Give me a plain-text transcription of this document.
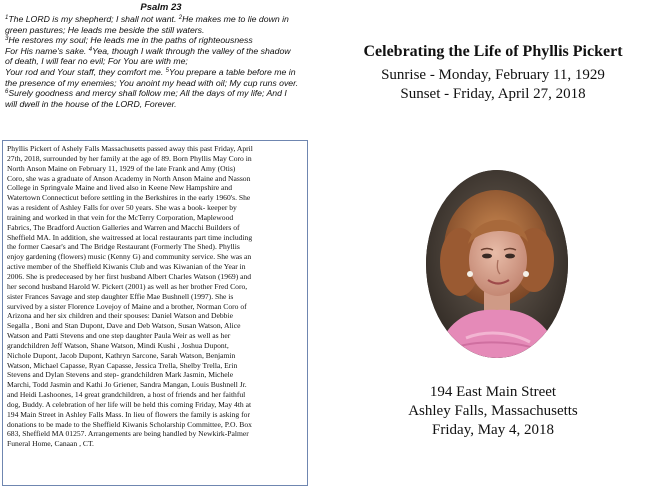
Psalm 23
$^1$The LORD is my shepherd; I shall not want. $^2$He makes me to lie down in
green pastures; He leads me beside the still waters.
$^3$He restores my soul; He leads me in the paths of righteousness
For His name's sake. $^4$Yea, though I walk through the valley of the shadow
of death, I will fear no evil; For You are with me;
Your rod and Your staff, they comfort me. $^5$You prepare a table before me in
the presence of my enemies; You anoint my head with oil; My cup runs over.
$^6$Surely goodness and mercy shall follow me; All the days of my life; And I
will dwell in the house of the LORD, Forever.
Phyllis Pickert of Ashely Falls Massachusetts passed away this past Friday, April
27th, 2018, surrounded by her family at the age of 89. Born Phyllis May Coro in
North Anson Maine on February 11, 1929 of the late Frank and Amy (Otis)
Coro, she was a graduate of Anson Academy in North Anson Maine and Nasson
College in Springvale Maine and lived also in Keene New Hampshire and
Watertown Connecticut before settling in the Berkshires in the early 1960's. She
was a resident of Ashley Falls for over 50 years. She was a book- keeper by
training and worked in that vein for the McTerry Corporation, Maplewood
Fabrics, The Bradford Auction Galleries and Warren and Macchi Builders of
Sheffield MA. In addition, she waitressed at local restaurants part time including
the former Caesar's and The Bridge Restaurant (Formerly The Shed). Phyllis
enjoy gardening (flowers) music (Kenny G) and community service. She was an
active member of the Sheffield Kiwanis Club and was Kiwanian of the Year in
2006. She is predeceased by her first husband Albert Charles Watson (1969) and
her second husband Harold W. Pickert (2001) as well as her brother Fred Coro,
sister Frances Savage and step daughter Effie Mae Bushnell (1997). She is
survived by a sister Florence Lovejoy of Maine and a brother, Norman Coro of
Arizona and her six children and their spouses: Daniel Watson and Debbie
Segalla , Boni and Stan Dupont, Dave and Deb Watson, Susan Watson, Alice
Watson and Patti Stevens and one step daughter Paula Weir as well as her
grandchildren Jeff Watson, Shane Watson, Mindi Kushi , Joshua Dupont,
Nichole Dupont, Jacob Dupont, Kathryn Sarcone, Sarah Watson, Benjamin
Watson, Michael Capasse, Ryan Capasse, Jessica Trella, Shelby Trella, Erin
Stevens and Dylan Stevens and step- grandchildren Mark Jasmin, Michele
Marchi, Todd Jasmin and Kathi Jo Griener, Sandra Mangan, Louis Bushnell Jr.
and Heidi Lashoones, 14 great grandchildren, a host of friends and her faithful
dog, Buddy. A celebration of her life will be held this coming Friday, May 4th at
194 Main Street in Ashley Falls Mass. In lieu of flowers the family is asking for
donations to be made to the Sheffield Kiwanis Scholarship Committee, P.O. Box
683, Sheffield MA 01257. Arrangements are being handled by Newkirk-Palmer
Funeral Home, Canaan , CT.
Celebrating the Life of Phyllis Pickert
Sunrise - Monday, February 11, 1929
Sunset - Friday, April 27, 2018
194 East Main Street
Ashley Falls, Massachusetts
Friday, May 4, 2018
